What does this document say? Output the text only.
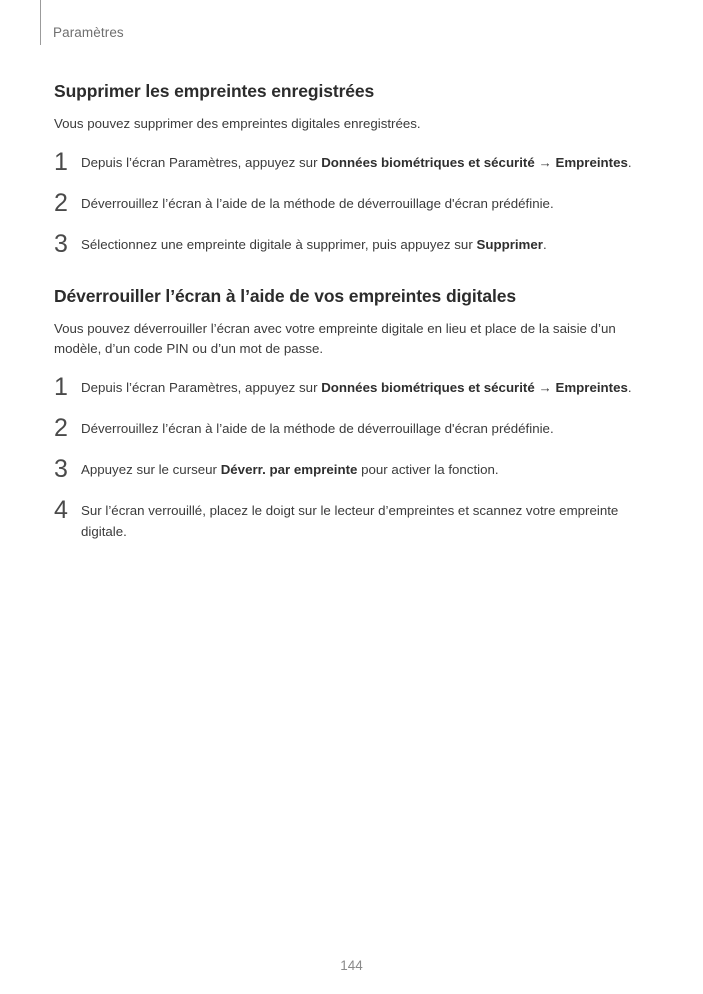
Paramètres
Supprimer les empreintes enregistrées

Vous pouvez supprimer des empreintes digitales enregistrées.

1 Depuis l’écran Paramètres, appuyez sur Données biométriques et sécurité → Empreintes.
2 Déverrouillez l’écran à l’aide de la méthode de déverrouillage d'écran prédéfinie.
3 Sélectionnez une empreinte digitale à supprimer, puis appuyez sur Supprimer.
Déverrouiller l’écran à l’aide de vos empreintes digitales

Vous pouvez déverrouiller l’écran avec votre empreinte digitale en lieu et place de la saisie d’un modèle, d’un code PIN ou d’un mot de passe.

1 Depuis l’écran Paramètres, appuyez sur Données biométriques et sécurité → Empreintes.
2 Déverrouillez l’écran à l’aide de la méthode de déverrouillage d'écran prédéfinie.
3 Appuyez sur le curseur Déverr. par empreinte pour activer la fonction.
4 Sur l’écran verrouillé, placez le doigt sur le lecteur d’empreintes et scannez votre empreinte digitale.
144
